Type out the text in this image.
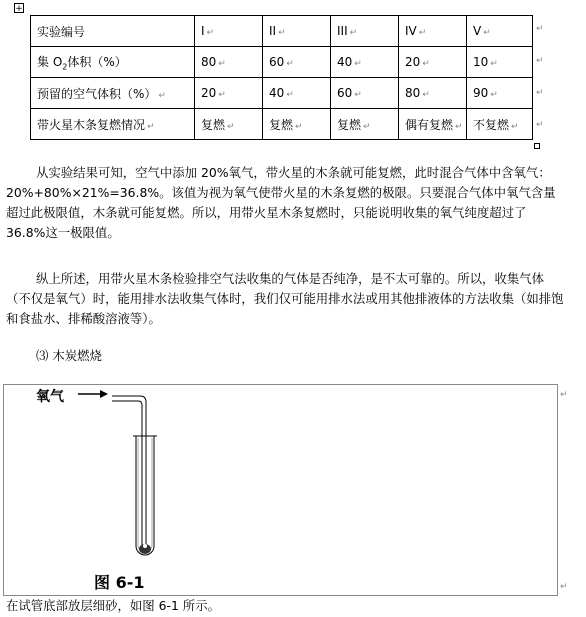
+
实验编号	I ↵	II ↵	III ↵	IV ↵	V ↵
集 $O_2$体积（%）	80 ↵	60 ↵	40 ↵	20 ↵	10 ↵
预留的空气体积（%） ↵	20 ↵	40 ↵	60 ↵	80 ↵	90 ↵
带火星木条复燃情况 ↵	复燃 ↵	复燃 ↵	复燃 ↵	偶有复燃 ↵	不复燃 ↵
↵
↵
↵
↵

从实验结果可知，空气中添加 20%氧气，带火星的木条就可能复燃，此时混合气体中含氧气：20%+80%×21%=36.8%。该值为视为氧气使带火星的木条复燃的极限。只要混合气体中氧气含量超过此极限值，木条就可能复燃。所以，用带火星木条复燃时，只能说明收集的氧气纯度超过了 36.8%这一极限值。

纵上所述，用带火星木条检验排空气法收集的气体是否纯净，是不太可靠的。所以，收集气体（不仅是氧气）时，能用排水法收集气体时，我们仅可能用排水法或用其他排液体的方法收集（如排饱和食盐水、排稀酸溶液等）。

⑶ 木炭燃烧

↵
↵
氧气
图 6-1

在试管底部放层细砂，如图 6-1 所示。
